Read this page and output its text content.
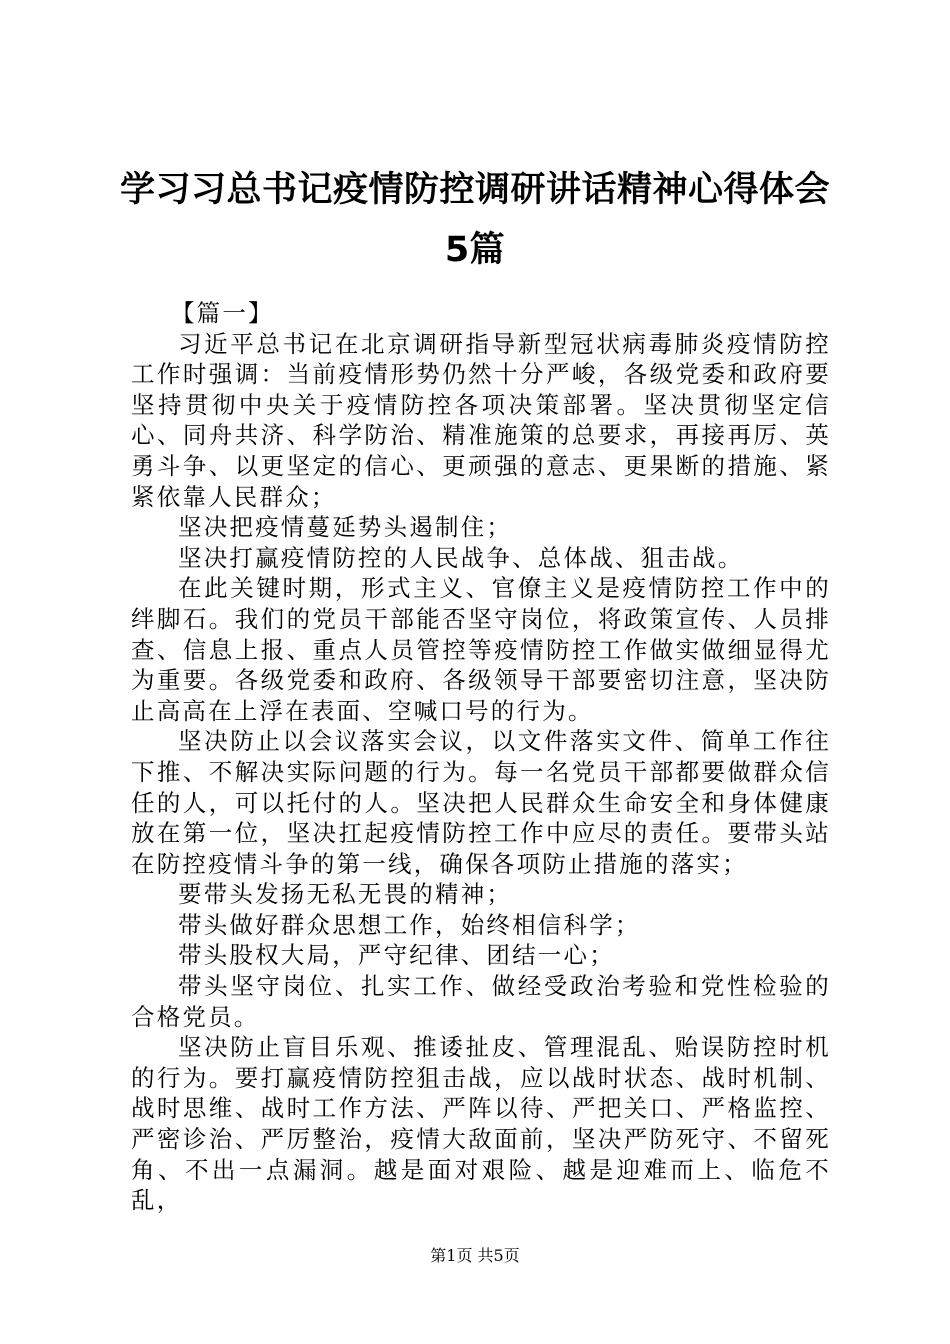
学习习总书记疫情防控调研讲话精神心得体会
5篇

【篇一】

习近平总书记在北京调研指导新型冠状病毒肺炎疫情防控工作时强调：当前疫情形势仍然十分严峻，各级党委和政府要坚持贯彻中央关于疫情防控各项决策部署。坚决贯彻坚定信心、同舟共济、科学防治、精准施策的总要求，再接再厉、英勇斗争、以更坚定的信心、更顽强的意志、更果断的措施、紧紧依靠人民群众；

坚决把疫情蔓延势头遏制住；

坚决打赢疫情防控的人民战争、总体战、狙击战。

在此关键时期，形式主义、官僚主义是疫情防控工作中的绊脚石。我们的党员干部能否坚守岗位，将政策宣传、人员排查、信息上报、重点人员管控等疫情防控工作做实做细显得尤为重要。各级党委和政府、各级领导干部要密切注意，坚决防止高高在上浮在表面、空喊口号的行为。

坚决防止以会议落实会议，以文件落实文件、简单工作往下推、不解决实际问题的行为。每一名党员干部都要做群众信任的人，可以托付的人。坚决把人民群众生命安全和身体健康放在第一位，坚决扛起疫情防控工作中应尽的责任。要带头站在防控疫情斗争的第一线，确保各项防止措施的落实；

要带头发扬无私无畏的精神；

带头做好群众思想工作，始终相信科学；

带头股权大局，严守纪律、团结一心；

带头坚守岗位、扎实工作、做经受政治考验和党性检验的合格党员。

坚决防止盲目乐观、推诿扯皮、管理混乱、贻误防控时机的行为。要打赢疫情防控狙击战，应以战时状态、战时机制、战时思维、战时工作方法、严阵以待、严把关口、严格监控、严密诊治、严厉整治，疫情大敌面前，坚决严防死守、不留死角、不出一点漏洞。越是面对艰险、越是迎难而上、临危不乱，

第1页 共5页
